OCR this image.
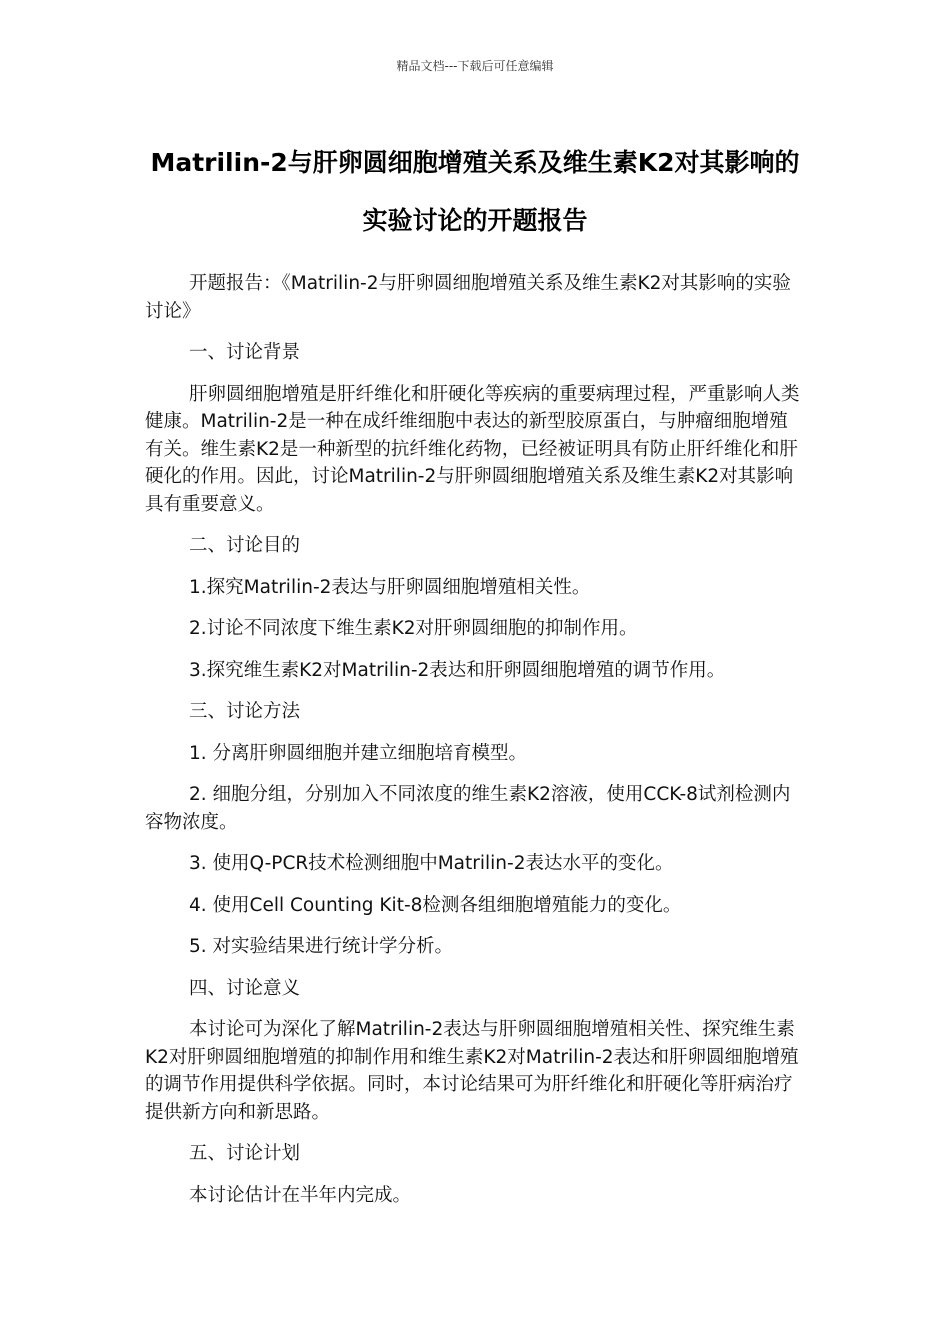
精品文档---下载后可任意编辑
Matrilin-2与肝卵圆细胞增殖关系及维生素K2对其影响的实验讨论的开题报告

开题报告：《Matrilin-2与肝卵圆细胞增殖关系及维生素K2对其影响的实验讨论》

一、讨论背景

肝卵圆细胞增殖是肝纤维化和肝硬化等疾病的重要病理过程，严重影响人类健康。Matrilin-2是一种在成纤维细胞中表达的新型胶原蛋白，与肿瘤细胞增殖有关。维生素K2是一种新型的抗纤维化药物，已经被证明具有防止肝纤维化和肝硬化的作用。因此，讨论Matrilin-2与肝卵圆细胞增殖关系及维生素K2对其影响具有重要意义。

二、讨论目的

1.探究Matrilin-2表达与肝卵圆细胞增殖相关性。

2.讨论不同浓度下维生素K2对肝卵圆细胞的抑制作用。

3.探究维生素K2对Matrilin-2表达和肝卵圆细胞增殖的调节作用。

三、讨论方法

1. 分离肝卵圆细胞并建立细胞培育模型。

2. 细胞分组，分别加入不同浓度的维生素K2溶液，使用CCK-8试剂检测内容物浓度。

3. 使用Q-PCR技术检测细胞中Matrilin-2表达水平的变化。

4. 使用Cell Counting Kit-8检测各组细胞增殖能力的变化。

5. 对实验结果进行统计学分析。

四、讨论意义

本讨论可为深化了解Matrilin-2表达与肝卵圆细胞增殖相关性、探究维生素K2对肝卵圆细胞增殖的抑制作用和维生素K2对Matrilin-2表达和肝卵圆细胞增殖的调节作用提供科学依据。同时，本讨论结果可为肝纤维化和肝硬化等肝病治疗提供新方向和新思路。

五、讨论计划

本讨论估计在半年内完成。
